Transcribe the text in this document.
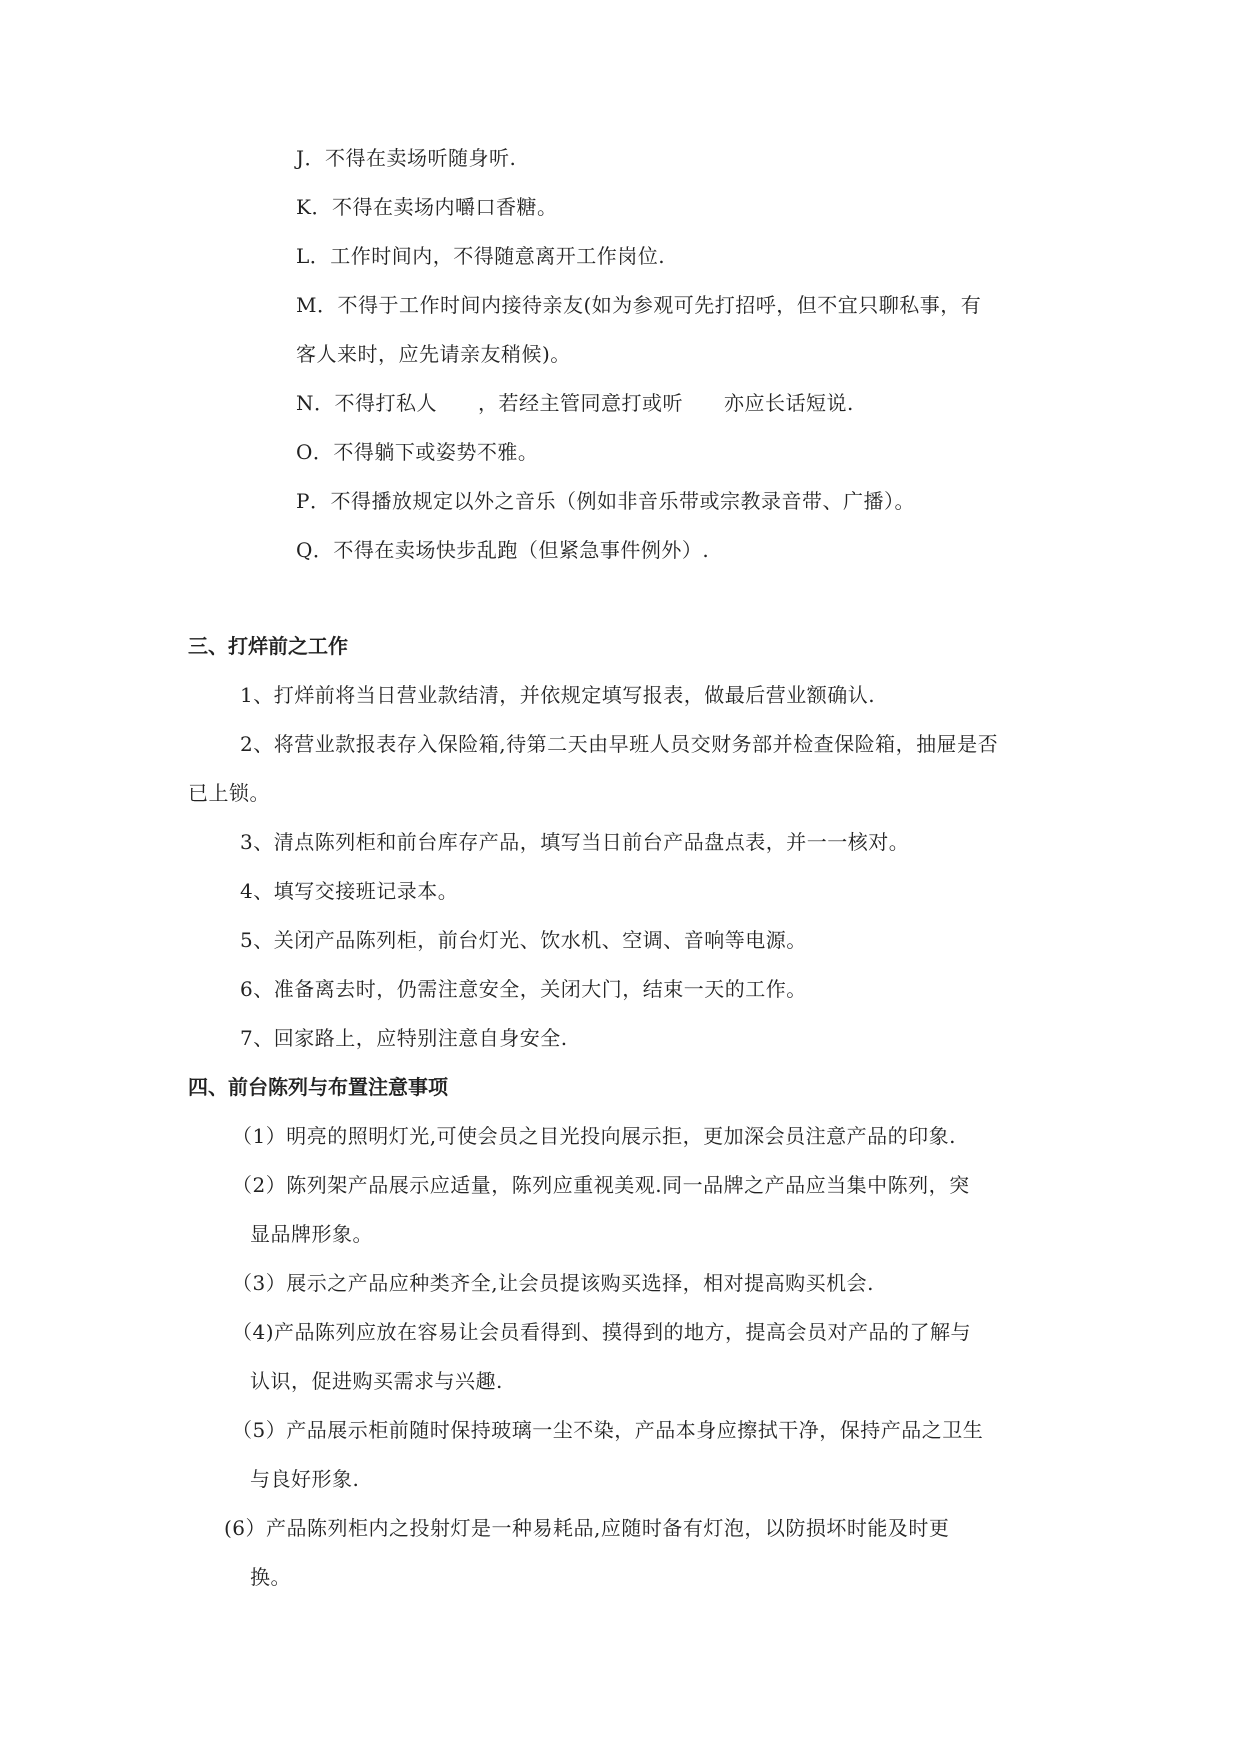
J．不得在卖场听随身听.
K．不得在卖场内嚼口香糖。
L．工作时间内，不得随意离开工作岗位.
M．不得于工作时间内接待亲友(如为参观可先打招呼，但不宜只聊私事，有
客人来时，应先请亲友稍候)。
N．不得打私人　　，若经主管同意打或听　　亦应长话短说.
O．不得躺下或姿势不雅。
P．不得播放规定以外之音乐（例如非音乐带或宗教录音带、广播）。
Q．不得在卖场快步乱跑（但紧急事件例外）.
三、打烊前之工作
1、打烊前将当日营业款结清，并依规定填写报表，做最后营业额确认.
2、将营业款报表存入保险箱,待第二天由早班人员交财务部并检查保险箱，抽屉是否
已上锁。
3、清点陈列柜和前台库存产品，填写当日前台产品盘点表，并一一核对。
4、填写交接班记录本。
5、关闭产品陈列柜，前台灯光、饮水机、空调、音响等电源。
6、准备离去时，仍需注意安全，关闭大门，结束一天的工作。
7、回家路上，应特别注意自身安全.
四、前台陈列与布置注意事项
（1）明亮的照明灯光,可使会员之目光投向展示拒，更加深会员注意产品的印象.
（2）陈列架产品展示应适量，陈列应重视美观.同一品牌之产品应当集中陈列，突
显品牌形象。
（3）展示之产品应种类齐全,让会员提该购买选择，相对提高购买机会.
（4)产品陈列应放在容易让会员看得到、摸得到的地方，提高会员对产品的了解与
认识，促进购买需求与兴趣.
（5）产品展示柜前随时保持玻璃一尘不染，产品本身应擦拭干净，保持产品之卫生
与良好形象.
(6）产品陈列柜内之投射灯是一种易耗品,应随时备有灯泡，以防损坏时能及时更
换。
